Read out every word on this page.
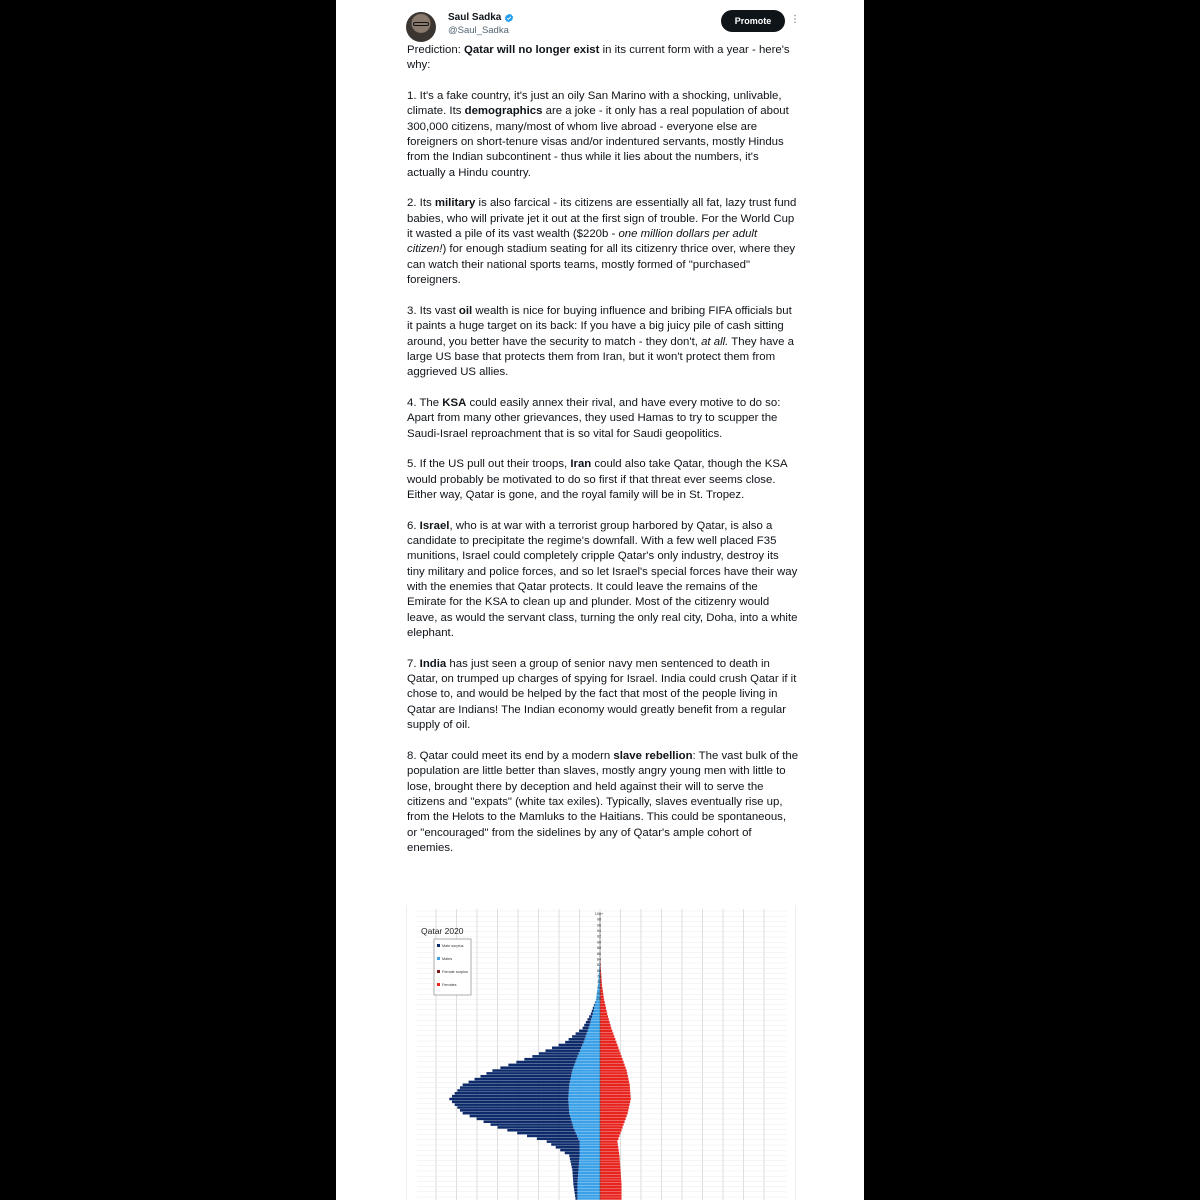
Saul Sadka
@Saul_Sadka
Promote	⋮

Prediction: Qatar will no longer exist in its current form with a year - here's why:

1. It's a fake country, it's just an oily San Marino with a shocking, unlivable, climate. Its demographics are a joke - it only has a real population of about 300,000 citizens, many/most of whom live abroad - everyone else are foreigners on short-tenure visas and/or indentured servants, mostly Hindus from the Indian subcontinent - thus while it lies about the numbers, it's actually a Hindu country.

2. Its military is also farcical - its citizens are essentially all fat, lazy trust fund babies, who will private jet it out at the first sign of trouble. For the World Cup it wasted a pile of its vast wealth ($220b - one million dollars per adult citizen!) for enough stadium seating for all its citizenry thrice over, where they can watch their national sports teams, mostly formed of "purchased" foreigners.

3. Its vast oil wealth is nice for buying influence and bribing FIFA officials but it paints a huge target on its back: If you have a big juicy pile of cash sitting around, you better have the security to match - they don't, at all. They have a large US base that protects them from Iran, but it won't protect them from aggrieved US allies.

4. The KSA could easily annex their rival, and have every motive to do so: Apart from many other grievances, they used Hamas to try to scupper the Saudi-Israel reproachment that is so vital for Saudi geopolitics.

5. If the US pull out their troops, Iran could also take Qatar, though the KSA would probably be motivated to do so first if that threat ever seems close. Either way, Qatar is gone, and the royal family will be in St. Tropez.

6. Israel, who is at war with a terrorist group harbored by Qatar, is also a candidate to precipitate the regime's downfall. With a few well placed F35 munitions, Israel could completely cripple Qatar's only industry, destroy its tiny military and police forces, and so let Israel's special forces have their way with the enemies that Qatar protects. It could leave the remains of the Emirate for the KSA to clean up and plunder. Most of the citizenry would leave, as would the servant class, turning the only real city, Doha, into a white elephant.

7. India has just seen a group of senior navy men sentenced to death in Qatar, on trumped up charges of spying for Israel. India could crush Qatar if it chose to, and would be helped by the fact that most of the people living in Qatar are Indians! The Indian economy would greatly benefit from a regular supply of oil.

8. Qatar could meet its end by a modern slave rebellion: The vast bulk of the population are little better than slaves, mostly angry young men with little to lose, brought there by deception and held against their will to serve the citizens and "expats" (white tax exiles). Typically, slaves eventually rise up, from the Helots to the Mamluks to the Haitians. This could be spontaneous, or "encouraged" from the sidelines by any of Qatar's ample cohort of enemies.

100+
98
96
94
92
90
88
86
84
82
80
78
76
74
72
70
Male surplus
Males
Female surplus
Females
Qatar 2020
